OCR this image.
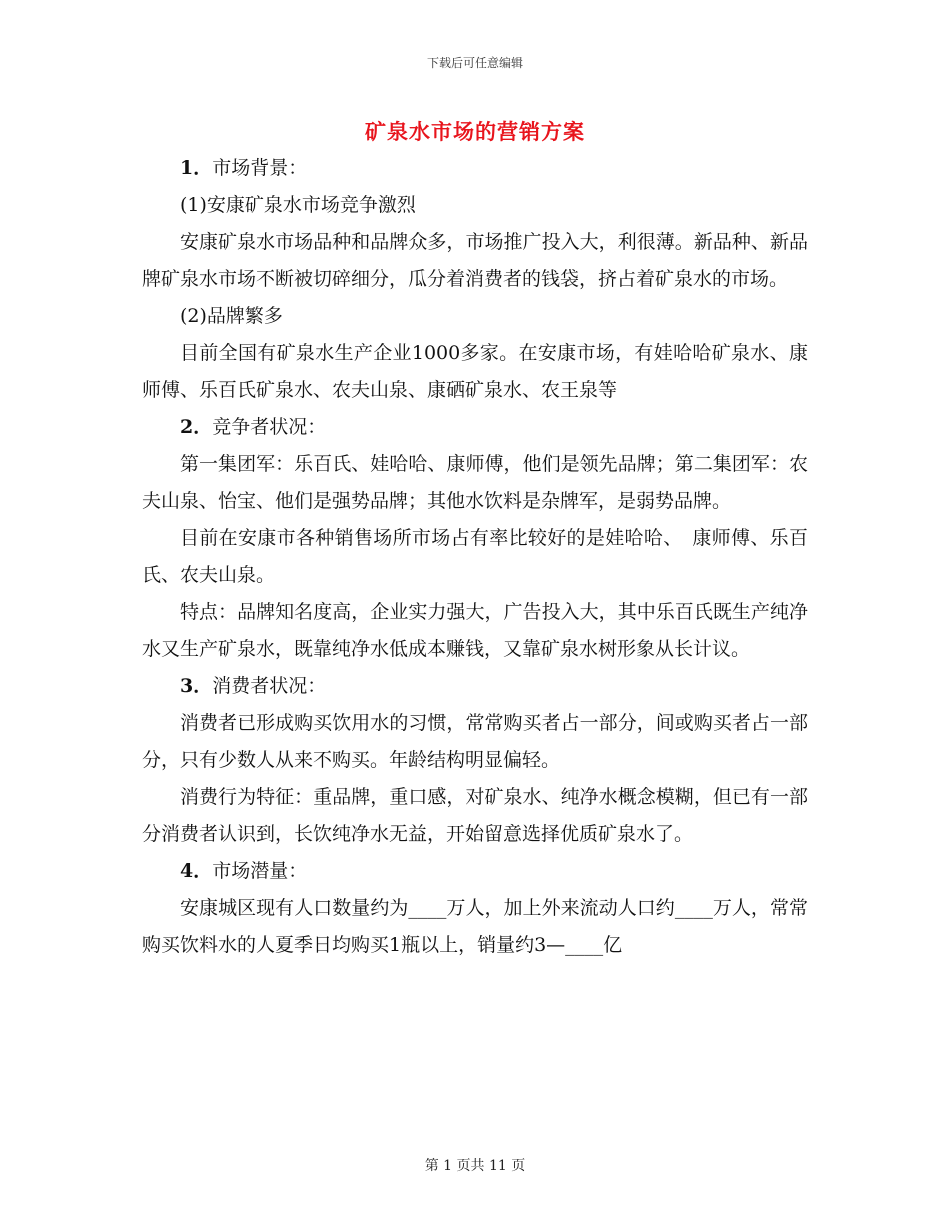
下载后可任意编辑
矿泉水市场的营销方案

1．市场背景：

(1)安康矿泉水市场竞争激烈

安康矿泉水市场品种和品牌众多，市场推广投入大，利很薄。新品种、新品牌矿泉水市场不断被切碎细分，瓜分着消费者的钱袋，挤占着矿泉水的市场。

(2)品牌繁多

目前全国有矿泉水生产企业1000多家。在安康市场，有娃哈哈矿泉水、康师傅、乐百氏矿泉水、农夫山泉、康硒矿泉水、农王泉等

2．竞争者状况：

第一集团军：乐百氏、娃哈哈、康师傅，他们是领先品牌；第二集团军：农夫山泉、怡宝、他们是强势品牌；其他水饮料是杂牌军，是弱势品牌。

目前在安康市各种销售场所市场占有率比较好的是娃哈哈、　康师傅、乐百氏、农夫山泉。

特点：品牌知名度高，企业实力强大，广告投入大，其中乐百氏既生产纯净水又生产矿泉水，既靠纯净水低成本赚钱，又靠矿泉水树形象从长计议。

3．消费者状况：

消费者已形成购买饮用水的习惯，常常购买者占一部分，间或购买者占一部分，只有少数人从来不购买。年龄结构明显偏轻。

消费行为特征：重品牌，重口感，对矿泉水、纯净水概念模糊，但已有一部分消费者认识到，长饮纯净水无益，开始留意选择优质矿泉水了。

4．市场潜量：

安康城区现有人口数量约为____万人，加上外来流动人口约____万人，常常购买饮料水的人夏季日均购买1瓶以上，销量约3—____亿

第 1 页共 11 页
